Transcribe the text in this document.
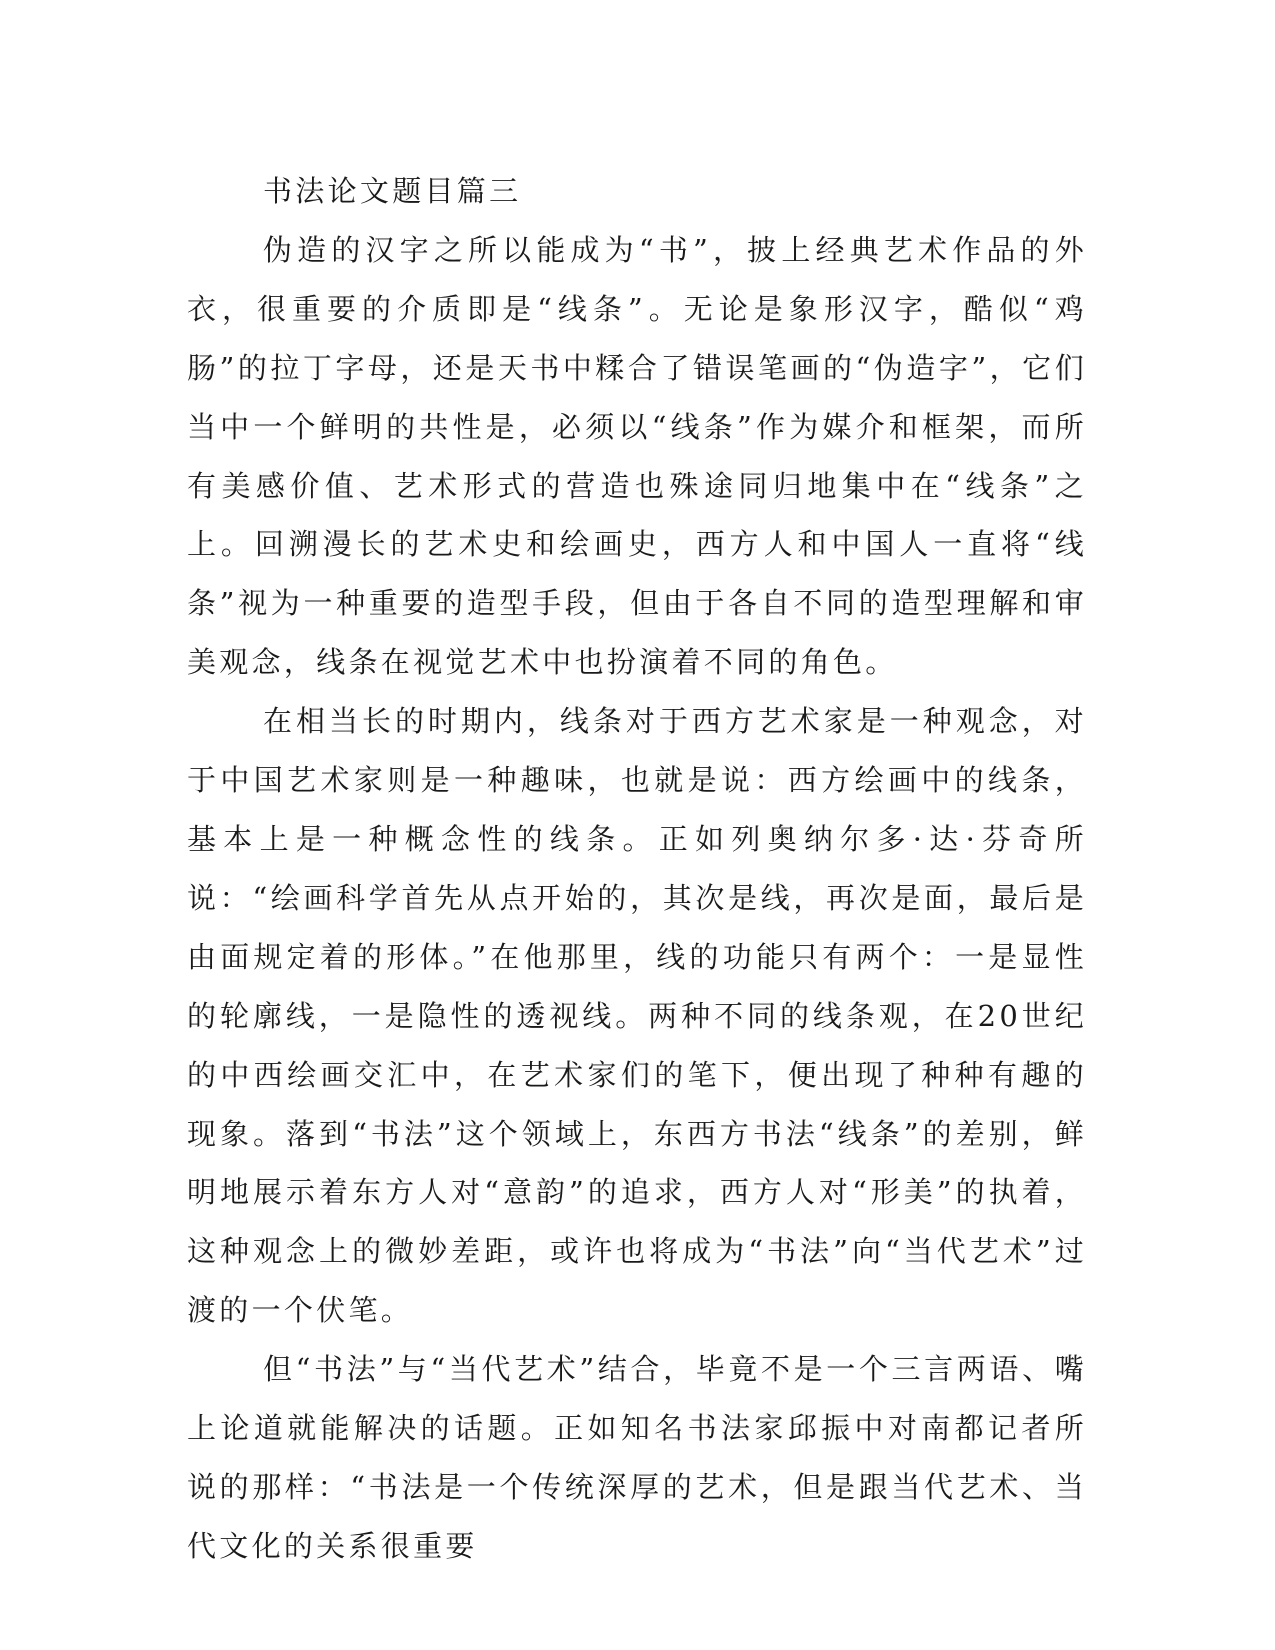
书法论文题目篇三

伪造的汉字之所以能成为“书”，披上经典艺术作品的外衣，很重要的介质即是“线条”。无论是象形汉字，酷似“鸡肠”的拉丁字母，还是天书中糅合了错误笔画的“伪造字”，它们当中一个鲜明的共性是，必须以“线条”作为媒介和框架，而所有美感价值、艺术形式的营造也殊途同归地集中在“线条”之上。回溯漫长的艺术史和绘画史，西方人和中国人一直将“线条”视为一种重要的造型手段，但由于各自不同的造型理解和审美观念，线条在视觉艺术中也扮演着不同的角色。

在相当长的时期内，线条对于西方艺术家是一种观念，对于中国艺术家则是一种趣味，也就是说：西方绘画中的线条，基本上是一种概念性的线条。正如列奥纳尔多·达·芬奇所说：“绘画科学首先从点开始的，其次是线，再次是面，最后是由面规定着的形体。”在他那里，线的功能只有两个：一是显性的轮廓线，一是隐性的透视线。两种不同的线条观，在20世纪的中西绘画交汇中，在艺术家们的笔下，便出现了种种有趣的现象。落到“书法”这个领域上，东西方书法“线条”的差别，鲜明地展示着东方人对“意韵”的追求，西方人对“形美”的执着，这种观念上的微妙差距，或许也将成为“书法”向“当代艺术”过渡的一个伏笔。

但“书法”与“当代艺术”结合，毕竟不是一个三言两语、嘴上论道就能解决的话题。正如知名书法家邱振中对南都记者所说的那样：“书法是一个传统深厚的艺术，但是跟当代艺术、当代文化的关系很重要
